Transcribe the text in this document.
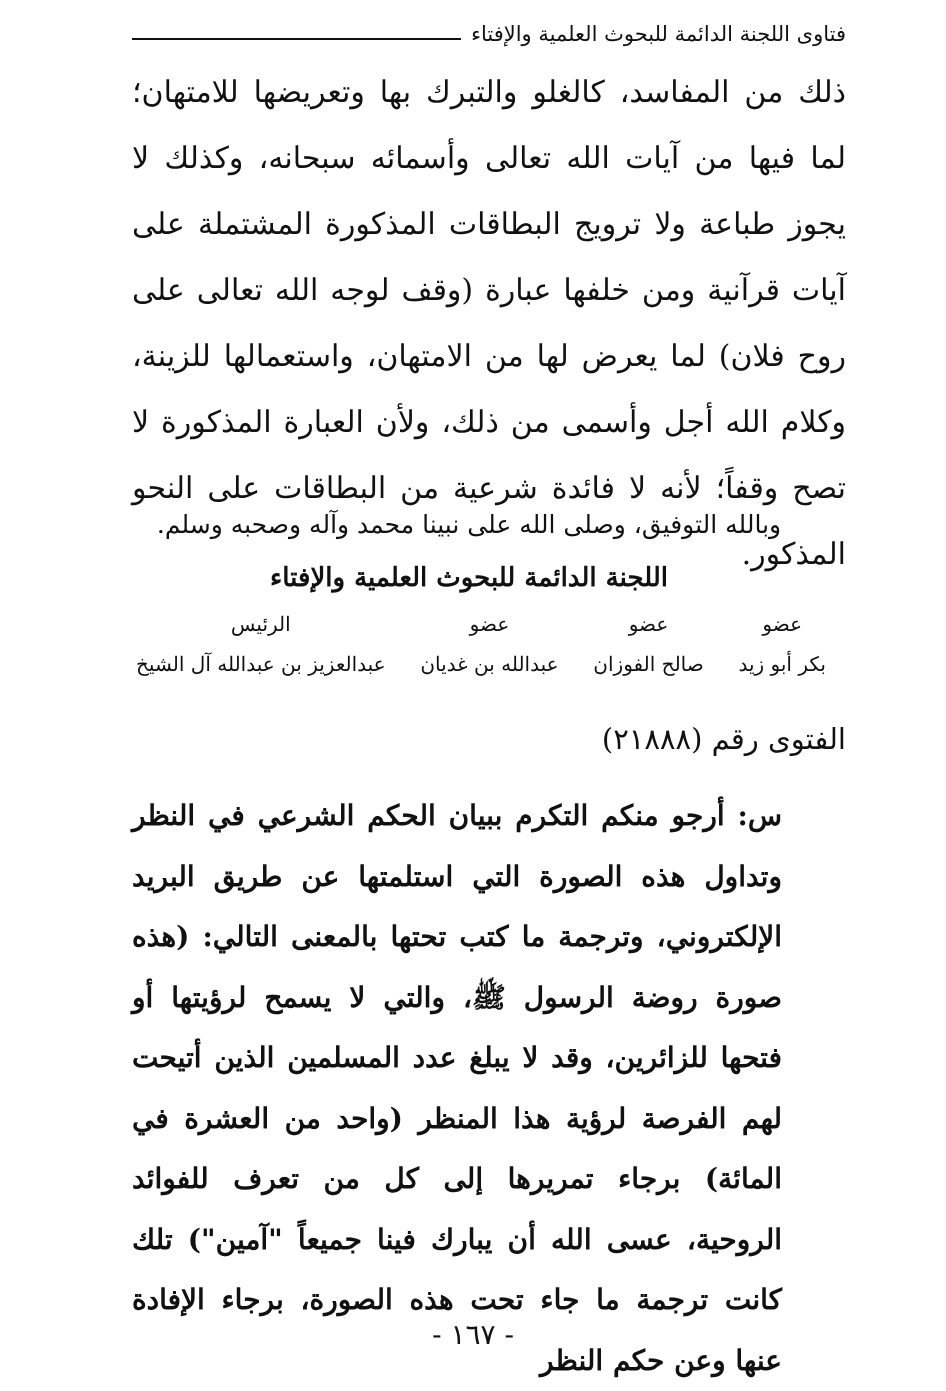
فتاوى اللجنة الدائمة للبحوث العلمية والإفتاء

ذلك من المفاسد، كالغلو والتبرك بها وتعريضها للامتهان؛ لما فيها من آيات الله تعالى وأسمائه سبحانه، وكذلك لا يجوز طباعة ولا ترويج البطاقات المذكورة المشتملة على آيات قرآنية ومن خلفها عبارة (وقف لوجه الله تعالى على روح فلان) لما يعرض لها من الامتهان، واستعمالها للزينة، وكلام الله أجل وأسمى من ذلك، ولأن العبارة المذكورة لا تصح وقفاً؛ لأنه لا فائدة شرعية من البطاقات على النحو المذكور.

وبالله التوفيق، وصلى الله على نبينا محمد وآله وصحبه وسلم.
اللجنة الدائمة للبحوث العلمية والإفتاء
عضو
بكر أبو زيد
عضو
صالح الفوزان
عضو
عبدالله بن غديان
الرئيس
عبدالعزيز بن عبدالله آل الشيخ
الفتوى رقم (٢١٨٨٨)

س: أرجو منكم التكرم ببيان الحكم الشرعي في النظر وتداول هذه الصورة التي استلمتها عن طريق البريد الإلكتروني، وترجمة ما كتب تحتها بالمعنى التالي: (هذه صورة روضة الرسول ﷺ، والتي لا يسمح لرؤيتها أو فتحها للزائرين، وقد لا يبلغ عدد المسلمين الذين أتيحت لهم الفرصة لرؤية هذا المنظر (واحد من العشرة في المائة) برجاء تمريرها إلى كل من تعرف للفوائد الروحية، عسى الله أن يبارك فينا جميعاً "آمين") تلك كانت ترجمة ما جاء تحت هذه الصورة، برجاء الإفادة عنها وعن حكم النظر

- ١٦٧ -
